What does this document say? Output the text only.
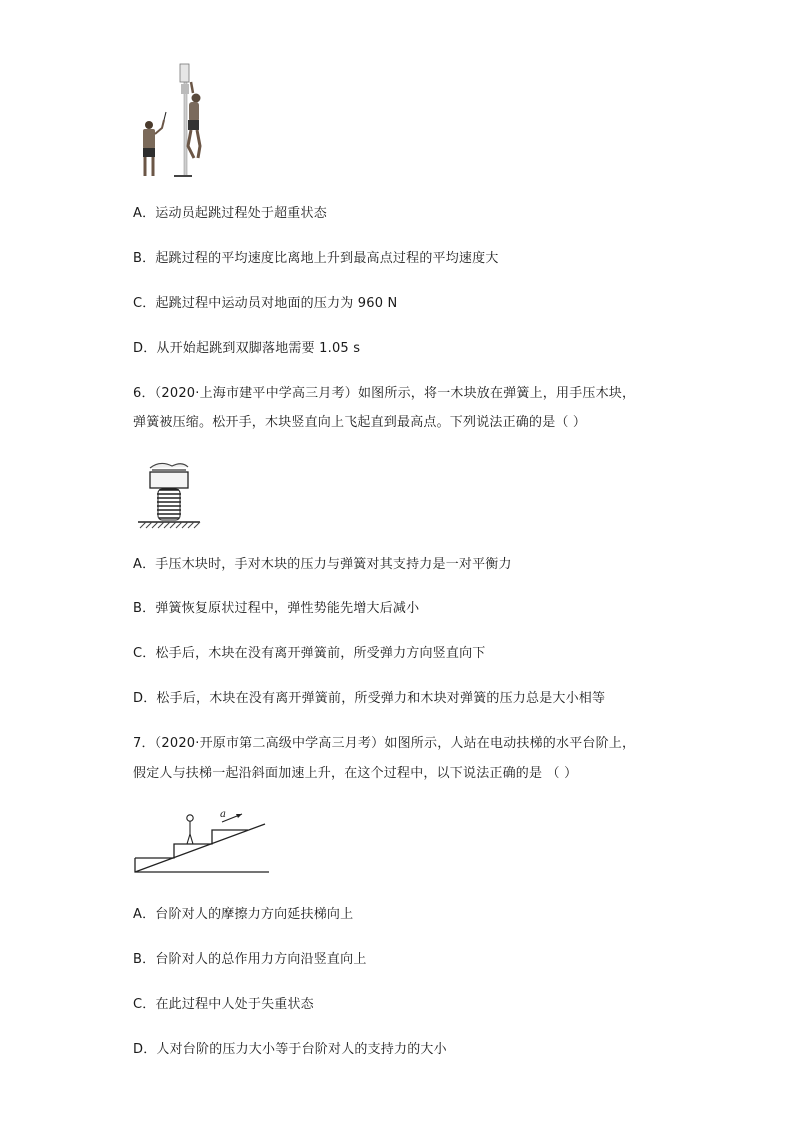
A．运动员起跳过程处于超重状态
B．起跳过程的平均速度比离地上升到最高点过程的平均速度大
C．起跳过程中运动员对地面的压力为 960 N
D．从开始起跳到双脚落地需要 1.05 s
6．（2020·上海市建平中学高三月考）如图所示，将一木块放在弹簧上，用手压木块，
弹簧被压缩。松开手，木块竖直向上飞起直到最高点。下列说法正确的是（ ）
A．手压木块时，手对木块的压力与弹簧对其支持力是一对平衡力
B．弹簧恢复原状过程中，弹性势能先增大后减小
C．松手后，木块在没有离开弹簧前，所受弹力方向竖直向下
D．松手后，木块在没有离开弹簧前，所受弹力和木块对弹簧的压力总是大小相等
7．（2020·开原市第二高级中学高三月考）如图所示，人站在电动扶梯的水平台阶上，
假定人与扶梯一起沿斜面加速上升，在这个过程中，以下说法正确的是 （ ）
a
A．台阶对人的摩擦力方向延扶梯向上
B．台阶对人的总作用力方向沿竖直向上
C．在此过程中人处于失重状态
D．人对台阶的压力大小等于台阶对人的支持力的大小
